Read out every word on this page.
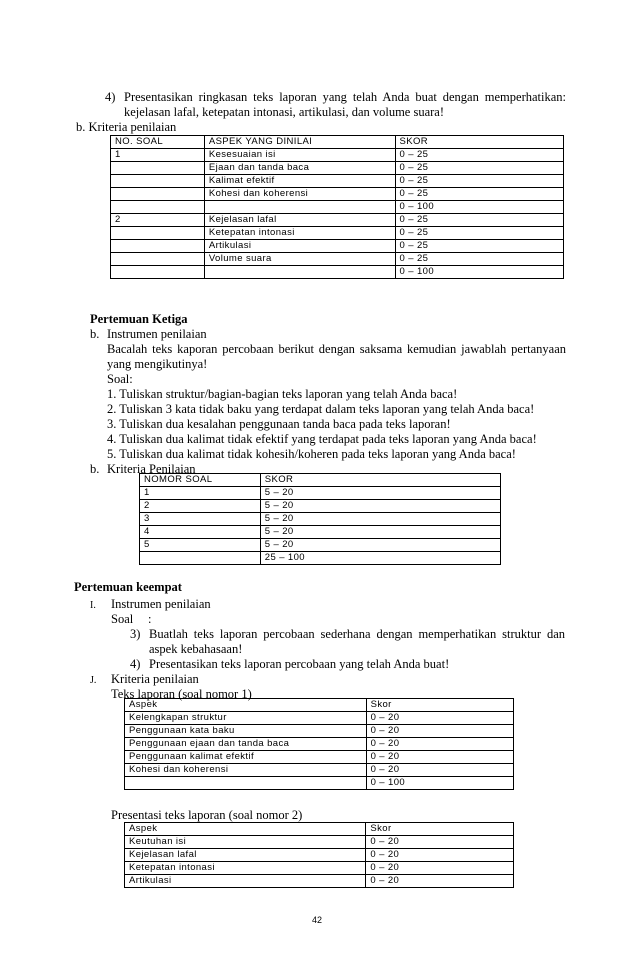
4) Presentasikan ringkasan teks laporan yang telah Anda buat dengan memperhatikan:
kejelasan lafal, ketepatan intonasi, artikulasi, dan volume suara!
b. Kriteria penilaian
NO. SOAL	ASPEK YANG DINILAI	SKOR
1	Kesesuaian isi	0 – 25
	Ejaan dan tanda baca	0 – 25
	Kalimat efektif	0 – 25
	Kohesi dan koherensi	0 – 25
		0 – 100
2	Kejelasan lafal	0 – 25
	Ketepatan intonasi	0 – 25
	Artikulasi	0 – 25
	Volume suara	0 – 25
		0 – 100
Pertemuan Ketiga
b. Instrumen penilaian
Bacalah teks kaporan percobaan berikut dengan saksama kemudian jawablah pertanyaan
yang mengikutinya!
Soal:
1. Tuliskan struktur/bagian-bagian teks laporan yang telah Anda baca!
2. Tuliskan 3 kata tidak baku yang terdapat dalam teks laporan yang telah Anda baca!
3. Tuliskan dua kesalahan penggunaan tanda baca pada teks laporan!
4. Tuliskan dua kalimat tidak efektif yang terdapat pada teks laporan yang Anda baca!
5. Tuliskan dua kalimat tidak kohesih/koheren pada teks laporan yang Anda baca!
b. Kriteria Penilaian
NOMOR SOAL	SKOR
1	5 – 20
2	5 – 20
3	5 – 20
4	5 – 20
5	5 – 20
	25 – 100
Pertemuan keempat
I. Instrumen penilaian
Soal :
3) Buatlah teks laporan percobaan sederhana dengan memperhatikan struktur dan
aspek kebahasaan!
4) Presentasikan teks laporan percobaan yang telah Anda buat!
J. Kriteria penilaian
Teks laporan (soal nomor 1)
Aspek	Skor
Kelengkapan struktur	0 – 20
Penggunaan kata baku	0 – 20
Penggunaan ejaan dan tanda baca	0 – 20
Penggunaan kalimat efektif	0 – 20
Kohesi dan koherensi	0 – 20
	0 – 100
Presentasi teks laporan (soal nomor 2)
Aspek	Skor
Keutuhan isi	0 – 20
Kejelasan lafal	0 – 20
Ketepatan intonasi	0 – 20
Artikulasi	0 – 20
42
